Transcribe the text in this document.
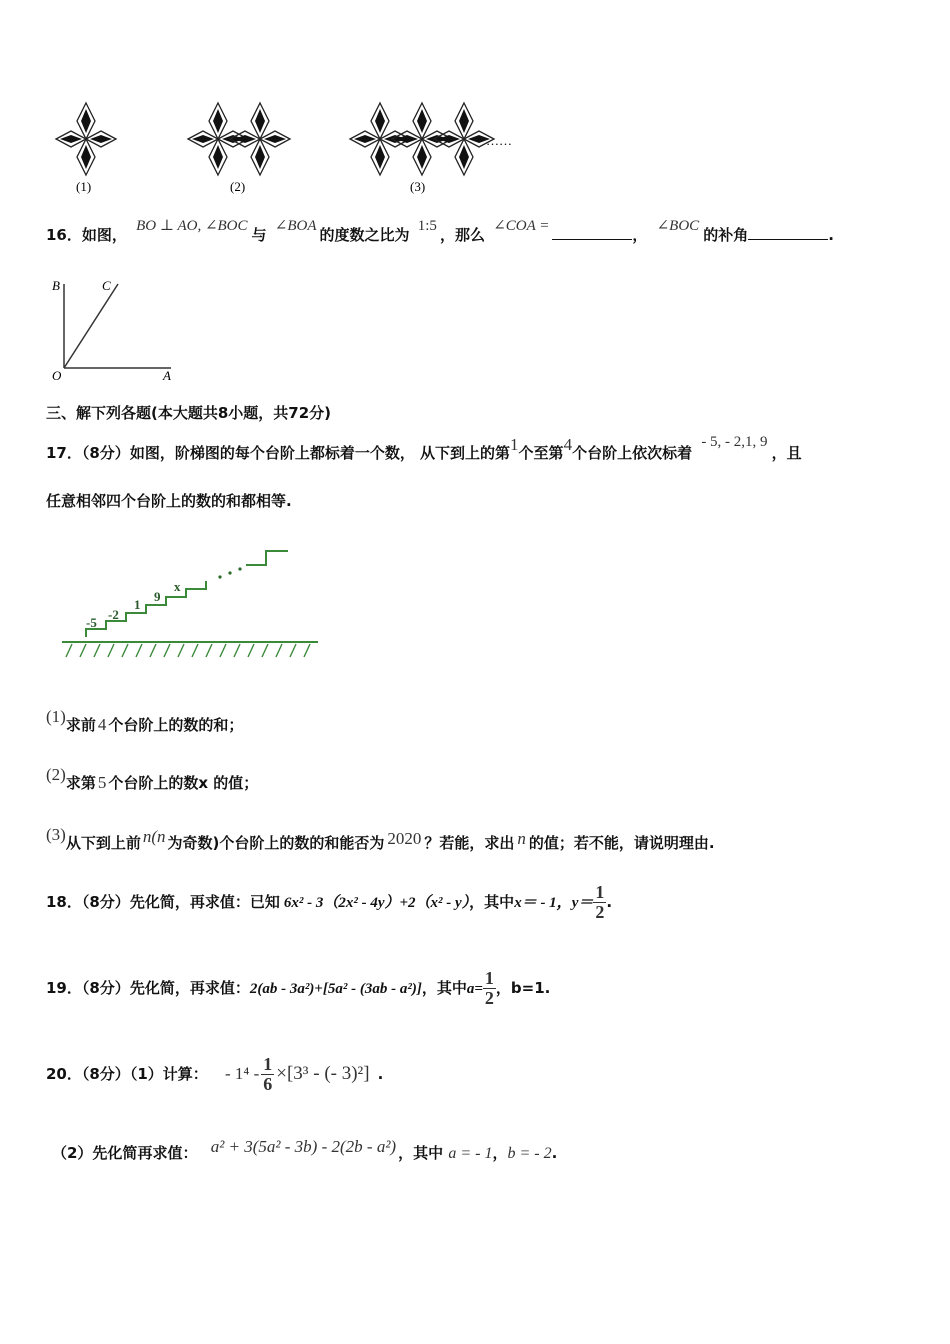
(1)	(2)	(3)
……
16．如图， BO ⊥ AO, ∠BOC 与 ∠BOA 的度数之比为 1:5 ，那么 ∠COA =	， ∠BOC 的补角	.
B	C
O	A
三、解下列各题(本大题共8小题，共72分)
17．（8分）如图，阶梯图的每个台阶上都标着一个数， 从下到上的第1个至第4个台阶上依次标着 - 5, - 2,1, 9，且
任意相邻四个台阶上的数的和都相等.
-5
-2
1
9
x
(1)求前 4 个台阶上的数的和；
(2)求第 5 个台阶上的数x 的值；
(3)从下到上前 n(n 为奇数)个台阶上的数的和能否为 2020 ？若能，求出 n 的值；若不能，请说明理由.
18．（8分）先化简，再求值：已知 6x² - 3（2x² - 4y）+2（x² - y），其中x＝ - 1，$y= \frac{1}{2}$ .
19．（8分）先化简，再求值：2(ab - 3a²)+[5a² - (3ab - a²)]，其中$a= \frac{1}{2}$ ，b=1.
20．（8分）（1）计算： - $1^4 - \frac{1}{6} \times[3^3$ - (- 3)²] .
（2）先化简再求值： a² + 3(5a² - 3b) - 2(2b - a²) ，其中 a = - 1，b = - 2.
